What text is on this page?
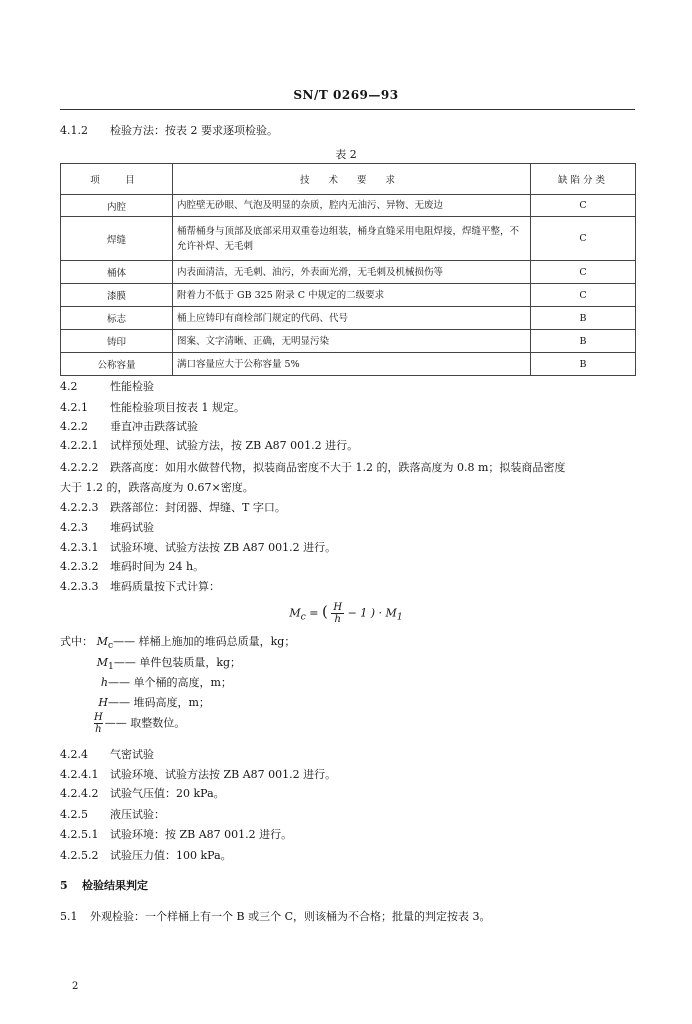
SN/T 0269—93
4.1.2 检验方法：按表 2 要求逐项检验。
表 2
项　目	技 术 要 求	缺陷分类
内腔	内腔壁无砂眼、气泡及明显的杂质，腔内无油污、异物、无废边	C
焊缝	桶帮桶身与顶部及底部采用双重卷边组装，桶身直缝采用电阻焊接，焊缝平整，不允许补焊、无毛刺	C
桶体	内表面清洁，无毛刺、油污，外表面光滑，无毛刺及机械损伤等	C
漆膜	附着力不低于 GB 325 附录 C 中规定的二级要求	C
标志	桶上应铸印有商检部门规定的代码、代号	B
铸印	图案、文字清晰、正确，无明显污染	B
公称容量	满口容量应大于公称容量 5%	B
4.2	性能检验
4.2.1 性能检验项目按表 1 规定。
4.2.2 垂直冲击跌落试验
4.2.2.1 试样预处理、试验方法，按 ZB A87 001.2 进行。
4.2.2.2 跌落高度：如用水做替代物，拟装商品密度不大于 1.2 的，跌落高度为 0.8 m；拟装商品密度
大于 1.2 的，跌落高度为 0.67×密度。
4.2.2.3 跌落部位：封闭器、焊缝、T 字口。
4.2.3 堆码试验
4.2.3.1 试验环境、试验方法按 ZB A87 001.2 进行。
4.2.3.2 堆码时间为 24 h。
4.2.3.3 堆码质量按下式计算：
$M_c$ = ( $\frac{H}{h} - 1$ ) · $M_1$
式中： $M_c——$ 样桶上施加的堆码总质量，kg；
$M_1——$ 单件包装质量，kg；
h—— 单个桶的高度，m；
H—— 堆码高度，m；
$\frac{H}{h}$ —— 取整数位。
4.2.4 气密试验
4.2.4.1 试验环境、试验方法按 ZB A87 001.2 进行。
4.2.4.2 试验气压值：20 kPa。
4.2.5 液压试验：
4.2.5.1 试验环境：按 ZB A87 001.2 进行。
4.2.5.2 试验压力值：100 kPa。
5 检验结果判定
5.1 外观检验：一个样桶上有一个 B 或三个 C，则该桶为不合格；批量的判定按表 3。
2
